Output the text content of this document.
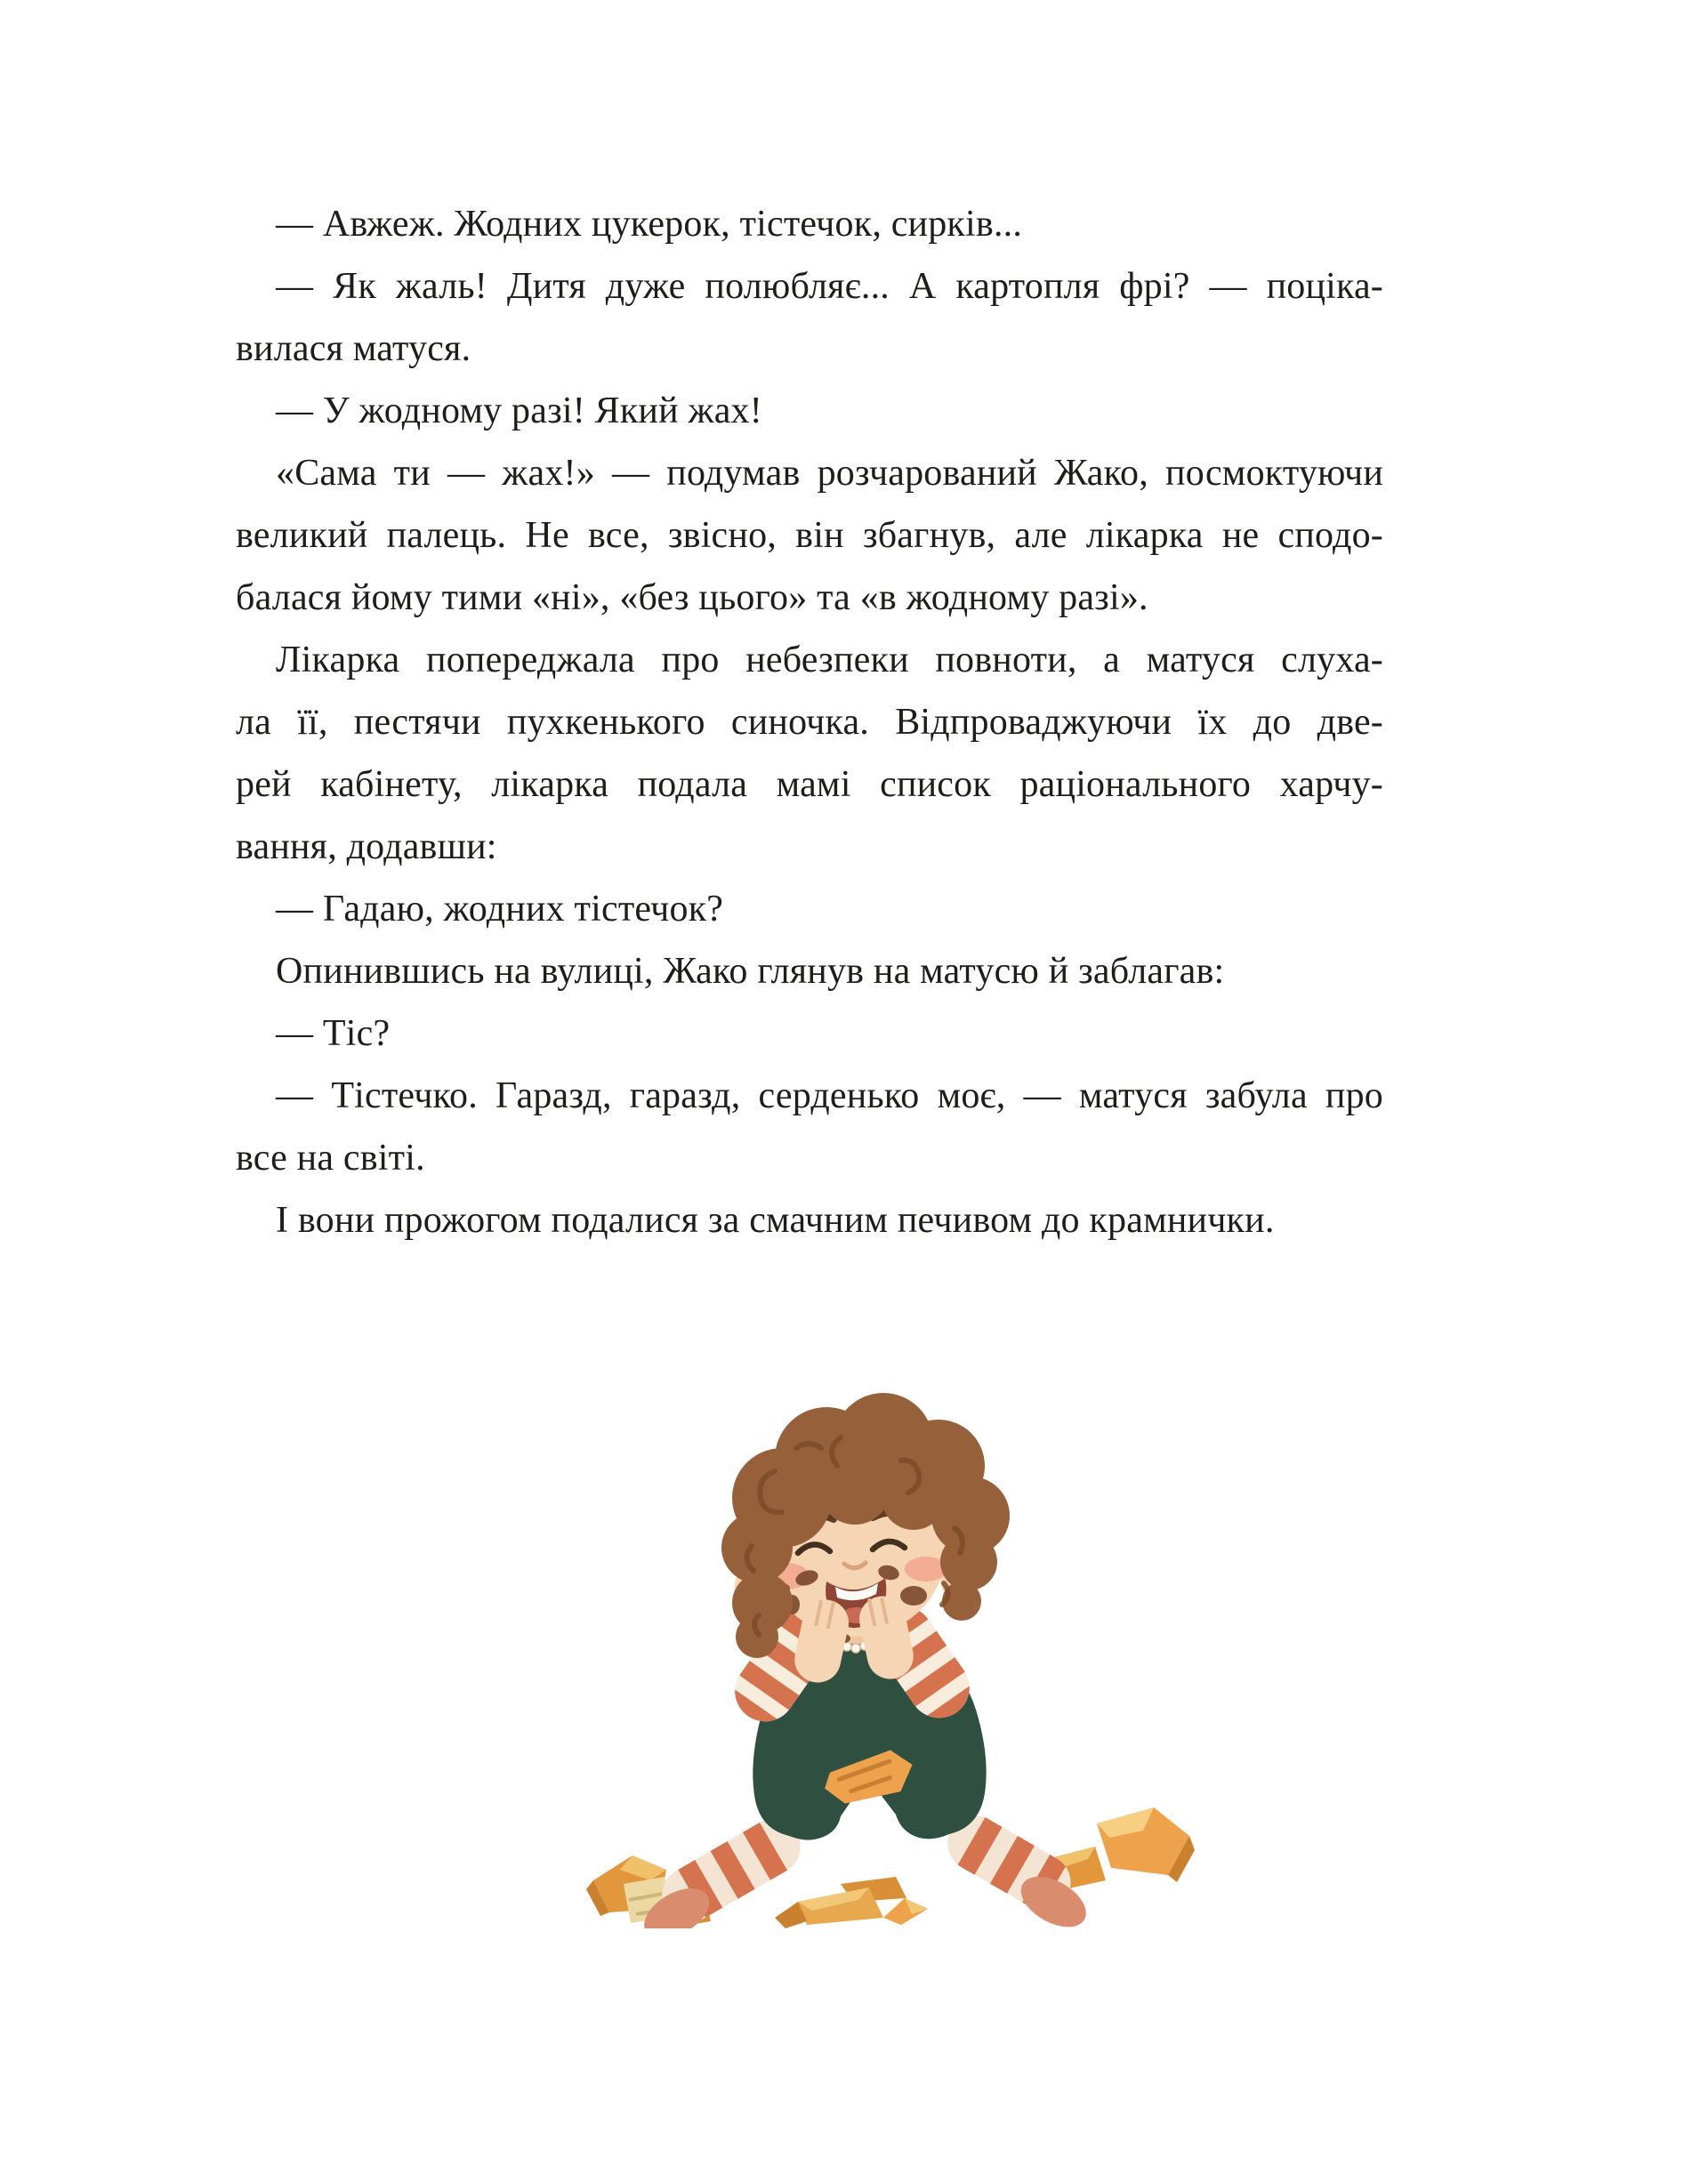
— Авжеж. Жодних цукерок, тістечок, сирків...
— Як жаль! Дитя дуже полюбляє... А картопля фрі? — поціка-
вилася матуся.
— У жодному разі! Який жах!
«Сама ти — жах!» — подумав розчарований Жако, посмоктуючи
великий палець. Не все, звісно, він збагнув, але лікарка не сподо-
балася йому тими «ні», «без цього» та «в жодному разі».
Лікарка попереджала про небезпеки повноти, а матуся слуха-
ла її, пестячи пухкенького синочка. Відпроваджуючи їх до две-
рей кабінету, лікарка подала мамі список раціонального харчу-
вання, додавши:
— Гадаю, жодних тістечок?
Опинившись на вулиці, Жако глянув на матусю й заблагав:
— Тіс?
— Тістечко. Гаразд, гаразд, серденько моє, — матуся забула про
все на світі.
І вони прожогом подалися за смачним печивом до крамнички.
